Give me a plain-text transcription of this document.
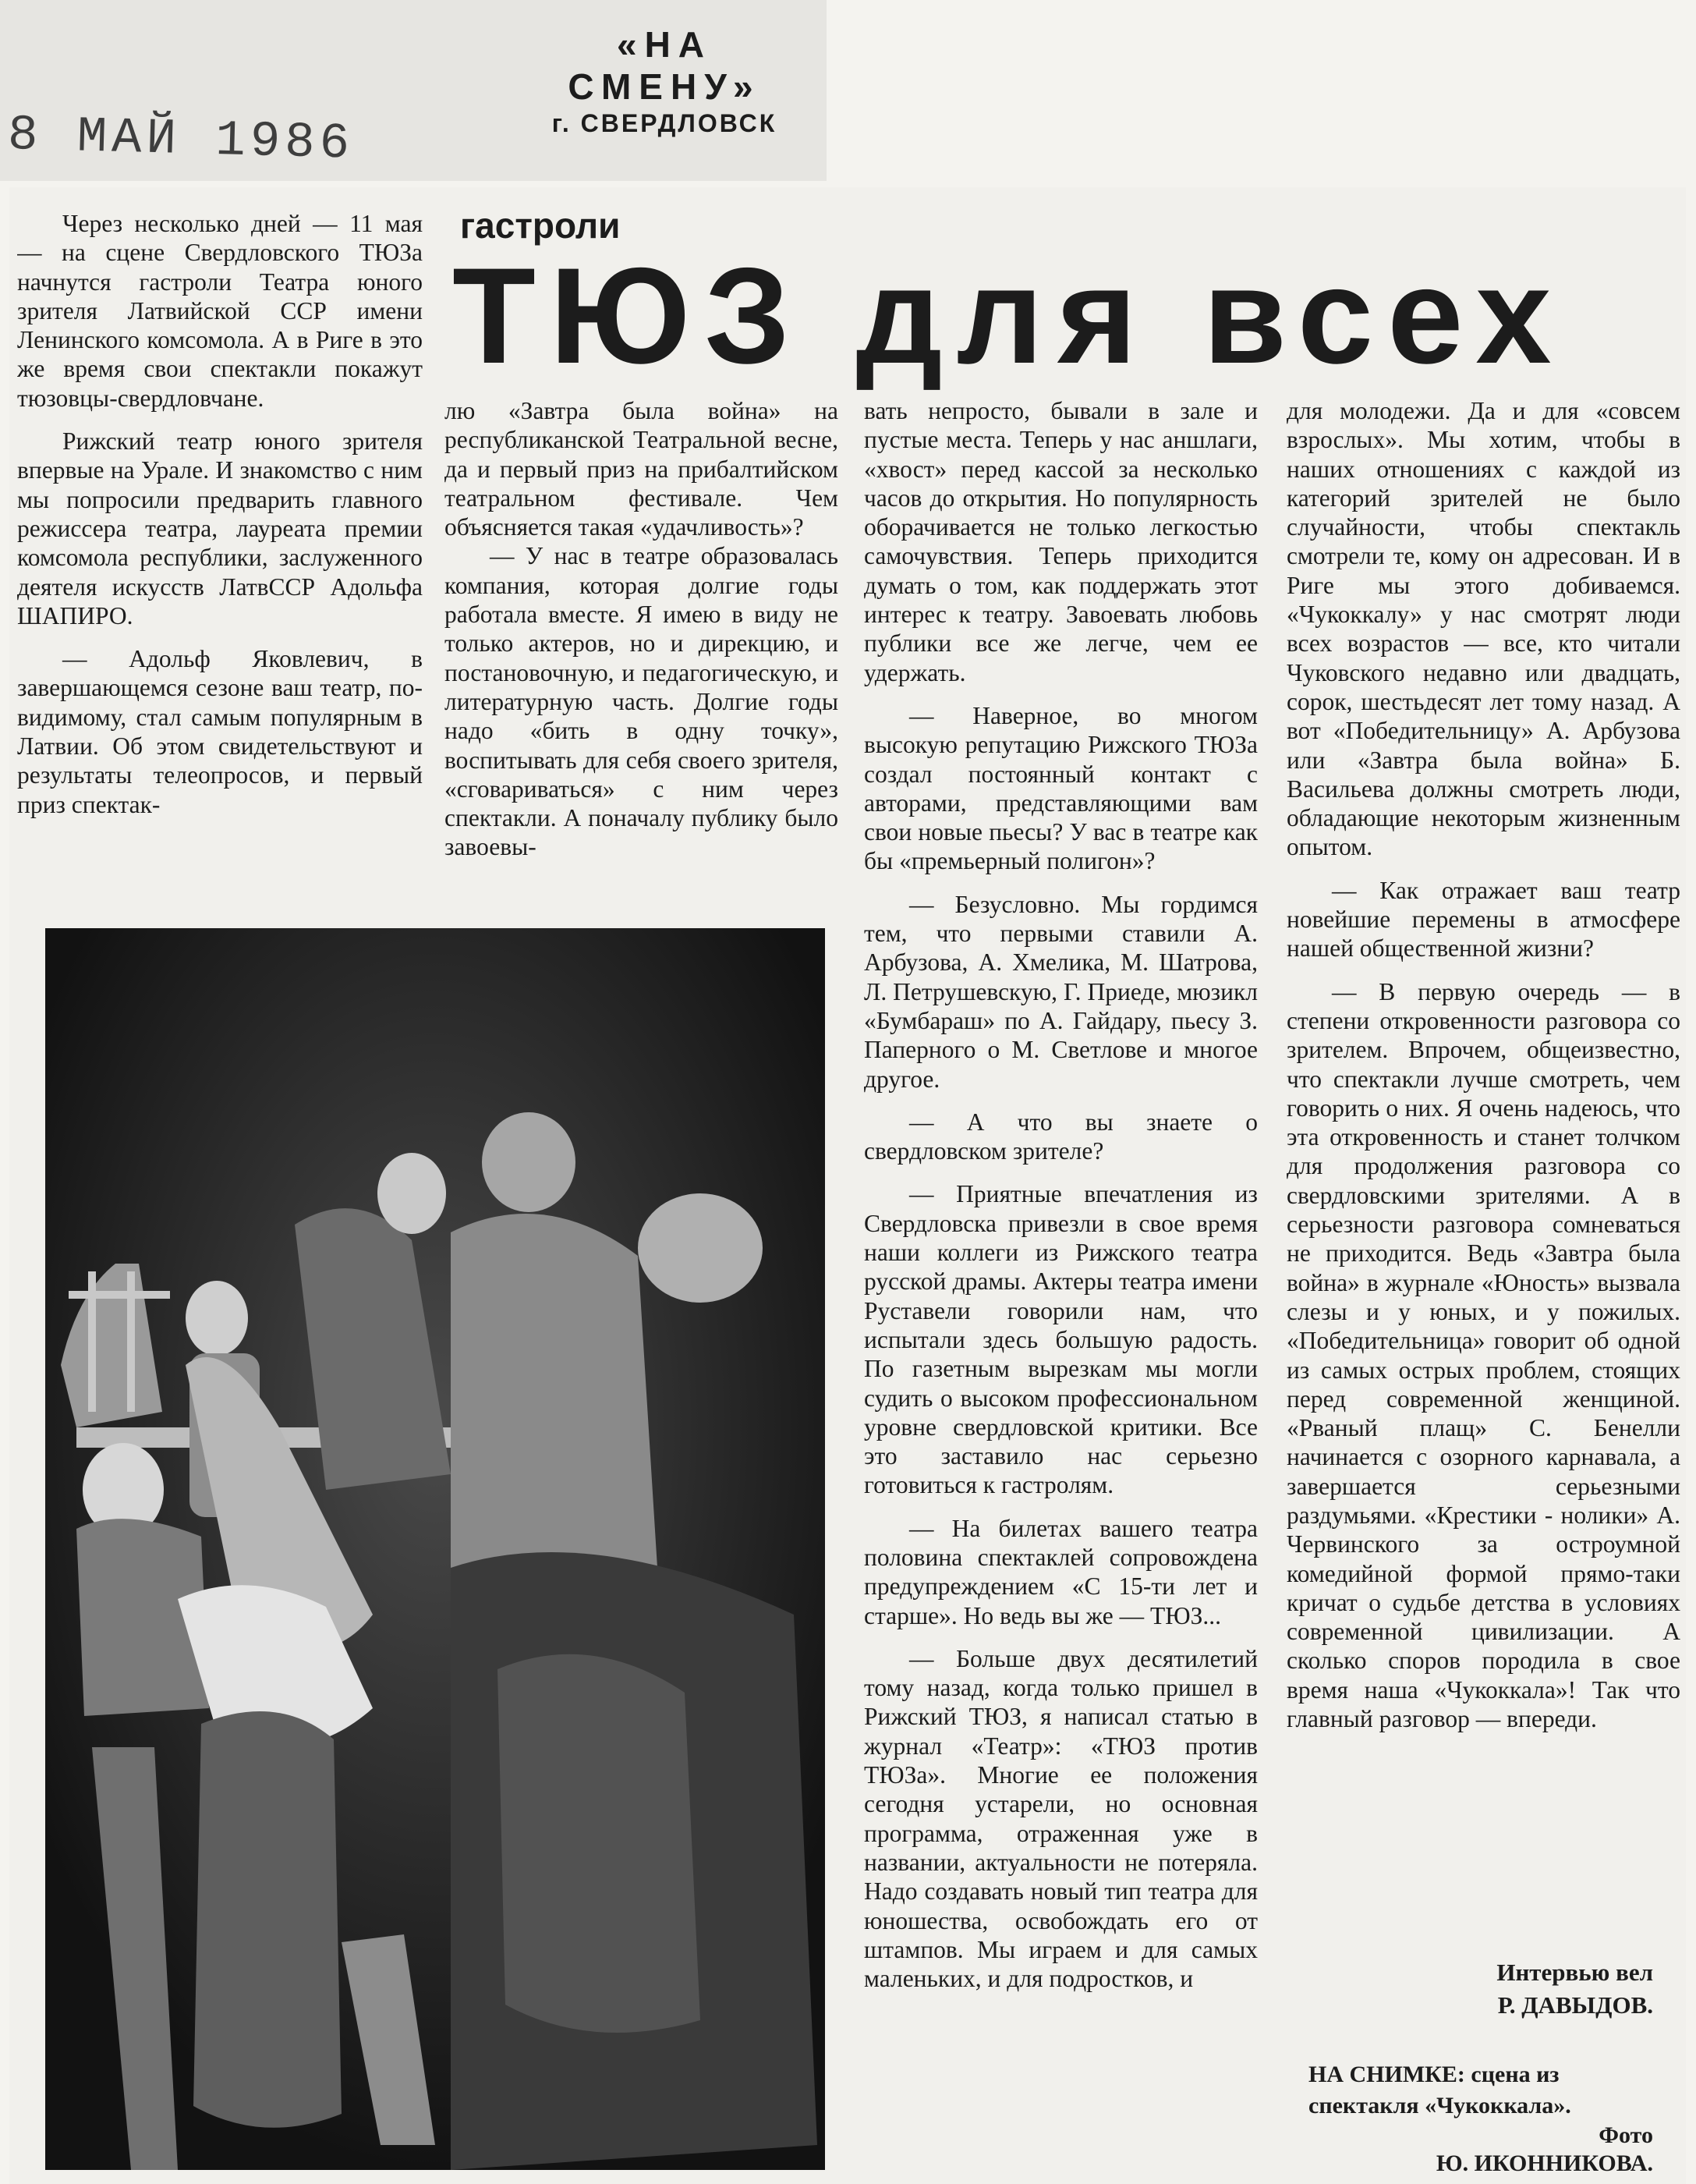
«НА СМЕНУ»
г. СВЕРДЛОВСК
8 МАЙ 1986
гастроли
ТЮЗ для всех

Через несколько дней — 11 мая — на сцене Свердловского ТЮЗа начнутся гастроли Театра юного зрителя Латвийской ССР имени Ленинского комсомола. А в Риге в это же время свои спектакли покажут тюзовцы-свердловчане.

Рижский театр юного зрителя впервые на Урале. И знакомство с ним мы попросили предварить главного режиссера театра, лауреата премии комсомола республики, заслуженного деятеля искусств ЛатвССР Адольфа ШАПИРО.

— Адольф Яковлевич, в завершающемся сезоне ваш театр, по-видимому, стал самым популярным в Латвии. Об этом свидетельствуют и результаты телеопросов, и первый приз спектак-

лю «Завтра была война» на республиканской Театральной весне, да и первый приз на прибалтийском театральном фестивале. Чем объясняется такая «удачливость»?

— У нас в театре образовалась компания, которая долгие годы работала вместе. Я имею в виду не только актеров, но и дирекцию, и постановочную, и педагогическую, и литературную часть. Долгие годы надо «бить в одну точку», воспитывать для себя своего зрителя, «сговариваться» с ним через спектакли. А поначалу публику было завоевы-

вать непросто, бывали в зале и пустые места. Теперь у нас аншлаги, «хвост» перед кассой за несколько часов до открытия. Но популярность оборачивается не только легкостью самочувствия. Теперь приходится думать о том, как поддержать этот интерес к театру. Завоевать любовь публики все же легче, чем ее удержать.

— Наверное, во многом высокую репутацию Рижского ТЮЗа создал постоянный контакт с авторами, представляющими вам свои новые пьесы? У вас в театре как бы «премьерный полигон»?

— Безусловно. Мы гордимся тем, что первыми ставили А. Арбузова, А. Хмелика, М. Шатрова, Л. Петрушевскую, Г. Приеде, мюзикл «Бумбараш» по А. Гайдару, пьесу З. Паперного о М. Светлове и многое другое.

— А что вы знаете о свердловском зрителе?

— Приятные впечатления из Свердловска привезли в свое время наши коллеги из Рижского театра русской драмы. Актеры театра имени Руставели говорили нам, что испытали здесь большую радость. По газетным вырезкам мы могли судить о высоком профессиональном уровне свердловской критики. Все это заставило нас серьезно готовиться к гастролям.

— На билетах вашего театра половина спектаклей сопровождена предупреждением «С 15-ти лет и старше». Но ведь вы же — ТЮЗ...

— Больше двух десятилетий тому назад, когда только пришел в Рижский ТЮЗ, я написал статью в журнал «Театр»: «ТЮЗ против ТЮЗа». Многие ее положения сегодня устарели, но основная программа, отраженная уже в названии, актуальности не потеряла. Надо создавать новый тип театра для юношества, освобождать его от штампов. Мы играем и для самых маленьких, и для подростков, и

для молодежи. Да и для «совсем взрослых». Мы хотим, чтобы в наших отношениях с каждой из категорий зрителей не было случайности, чтобы спектакль смотрели те, кому он адресован. И в Риге мы этого добиваемся. «Чукоккалу» у нас смотрят люди всех возрастов — все, кто читали Чуковского недавно или двадцать, сорок, шестьдесят лет тому назад. А вот «Победительницу» А. Арбузова или «Завтра была война» Б. Васильева должны смотреть люди, обладающие некоторым жизненным опытом.

— Как отражает ваш театр новейшие перемены в атмосфере нашей общественной жизни?

— В первую очередь — в степени откровенности разговора со зрителем. Впрочем, общеизвестно, что спектакли лучше смотреть, чем говорить о них. Я очень надеюсь, что эта откровенность и станет толчком для продолжения разговора со свердловскими зрителями. А в серьезности разговора сомневаться не приходится. Ведь «Завтра была война» в журнале «Юность» вызвала слезы и у юных, и у пожилых. «Победительница» говорит об одной из самых острых проблем, стоящих перед современной женщиной. «Рваный плащ» С. Бенелли начинается с озорного карнавала, а завершается серьезными раздумьями. «Крестики - нолики» А. Червинского за остроумной комедийной формой прямо-таки кричат о судьбе детства в условиях современной цивилизации. А сколько споров породила в свое время наша «Чукоккала»! Так что главный разговор — впереди.

Интервью вел
Р. ДАВЫДОВ.
НА СНИМКЕ: сцена из спектакля «Чукоккала».
Фото
Ю. ИКОННИКОВА.
